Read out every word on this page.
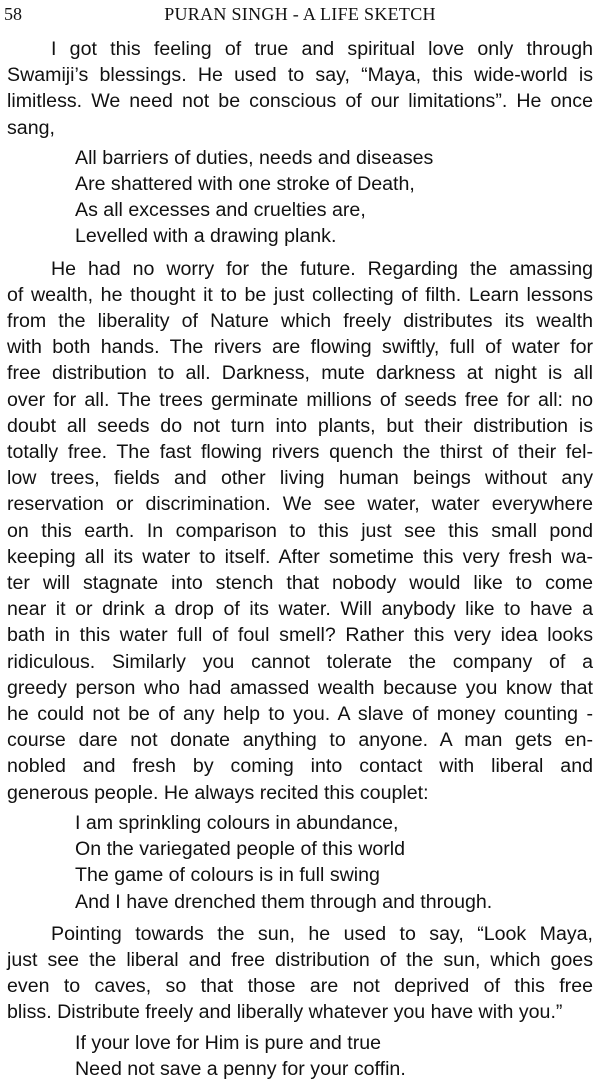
58	PURAN SINGH - A LIFE SKETCH
I got this feeling of true and spiritual love only through
Swamiji’s blessings. He used to say, “Maya, this wide-world is
limitless. We need not be conscious of our limitations”. He once
sang,
All barriers of duties, needs and diseases
Are shattered with one stroke of Death,
As all excesses and cruelties are,
Levelled with a drawing plank.
He had no worry for the future. Regarding the amassing
of wealth, he thought it to be just collecting of filth. Learn lessons
from the liberality of Nature which freely distributes its wealth
with both hands. The rivers are flowing swiftly, full of water for
free distribution to all. Darkness, mute darkness at night is all
over for all. The trees germinate millions of seeds free for all: no
doubt all seeds do not turn into plants, but their distribution is
totally free. The fast flowing rivers quench the thirst of their fel-
low trees, fields and other living human beings without any
reservation or discrimination. We see water, water everywhere
on this earth. In comparison to this just see this small pond
keeping all its water to itself. After sometime this very fresh wa-
ter will stagnate into stench that nobody would like to come
near it or drink a drop of its water. Will anybody like to have a
bath in this water full of foul smell? Rather this very idea looks
ridiculous. Similarly you cannot tolerate the company of a
greedy person who had amassed wealth because you know that
he could not be of any help to you. A slave of money counting -
course dare not donate anything to anyone. A man gets en-
nobled and fresh by coming into contact with liberal and
generous people. He always recited this couplet:
I am sprinkling colours in abundance,
On the variegated people of this world
The game of colours is in full swing
And I have drenched them through and through.
Pointing towards the sun, he used to say, “Look Maya,
just see the liberal and free distribution of the sun, which goes
even to caves, so that those are not deprived of this free
bliss. Distribute freely and liberally whatever you have with you.”
If your love for Him is pure and true
Need not save a penny for your coffin.
